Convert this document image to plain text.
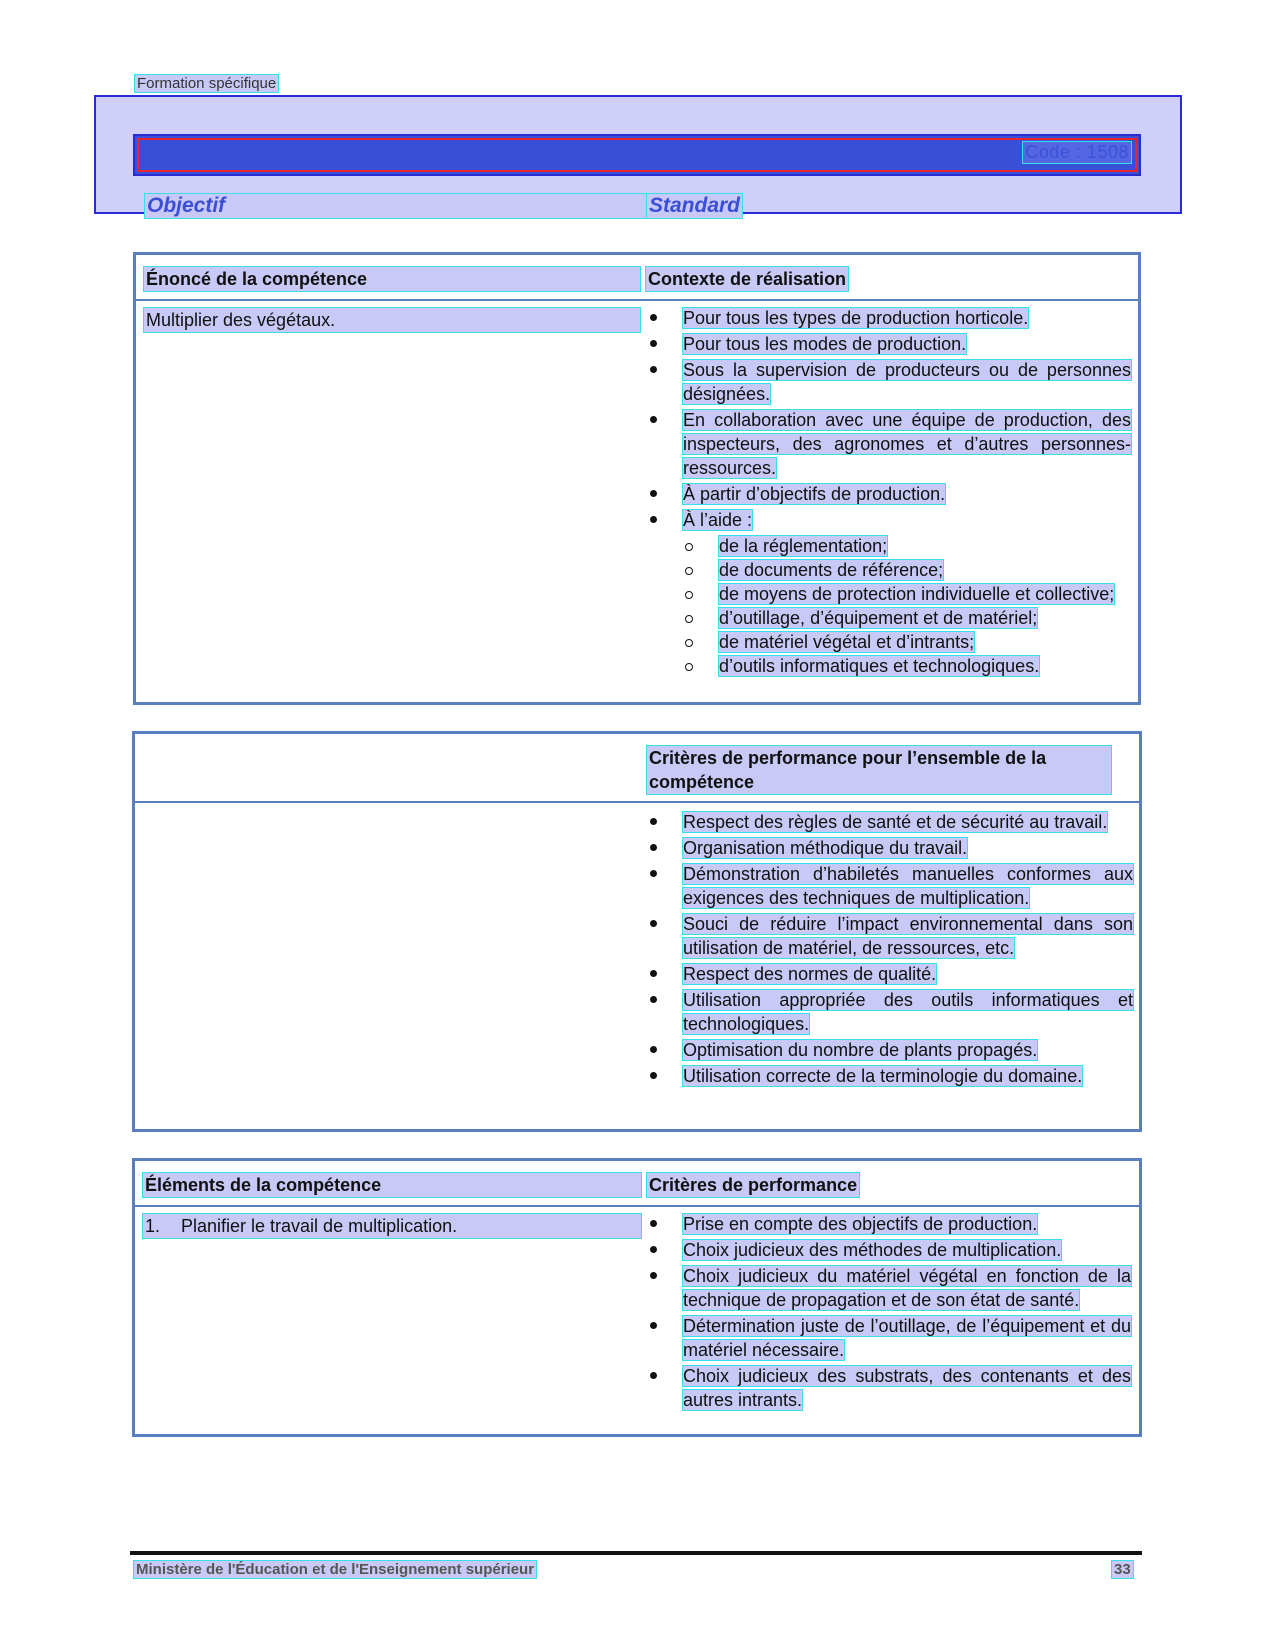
Formation spécifique
Code : 1508
Objectif	Standard
Énoncé de la compétence	Contexte de réalisation
Multiplier des végétaux.	Pour tous les types de production horticole.
Pour tous les modes de production.
Sous la supervision de producteurs ou de personnes désignées.
En collaboration avec une équipe de production, des inspecteurs, des agronomes et d’autres personnes-ressources.
À partir d’objectifs de production.
À l’aide :
de la réglementation;
de documents de référence;
de moyens de protection individuelle et collective;
d’outillage, d’équipement et de matériel;
de matériel végétal et d’intrants;
d’outils informatiques et technologiques.
Critères de performance pour l’ensemble de la compétence
Respect des règles de santé et de sécurité au travail.
Organisation méthodique du travail.
Démonstration d’habiletés manuelles conformes aux exigences des techniques de multiplication.
Souci de réduire l’impact environnemental dans son utilisation de matériel, de ressources, etc.
Respect des normes de qualité.
Utilisation appropriée des outils informatiques et technologiques.
Optimisation du nombre de plants propagés.
Utilisation correcte de la terminologie du domaine.
Éléments de la compétence	Critères de performance
1. Planifier le travail de multiplication.	Prise en compte des objectifs de production.
Choix judicieux des méthodes de multiplication.
Choix judicieux du matériel végétal en fonction de la technique de propagation et de son état de santé.
Détermination juste de l’outillage, de l’équipement et du matériel nécessaire.
Choix judicieux des substrats, des contenants et des autres intrants.
Ministère de l'Éducation et de l'Enseignement supérieur	33
